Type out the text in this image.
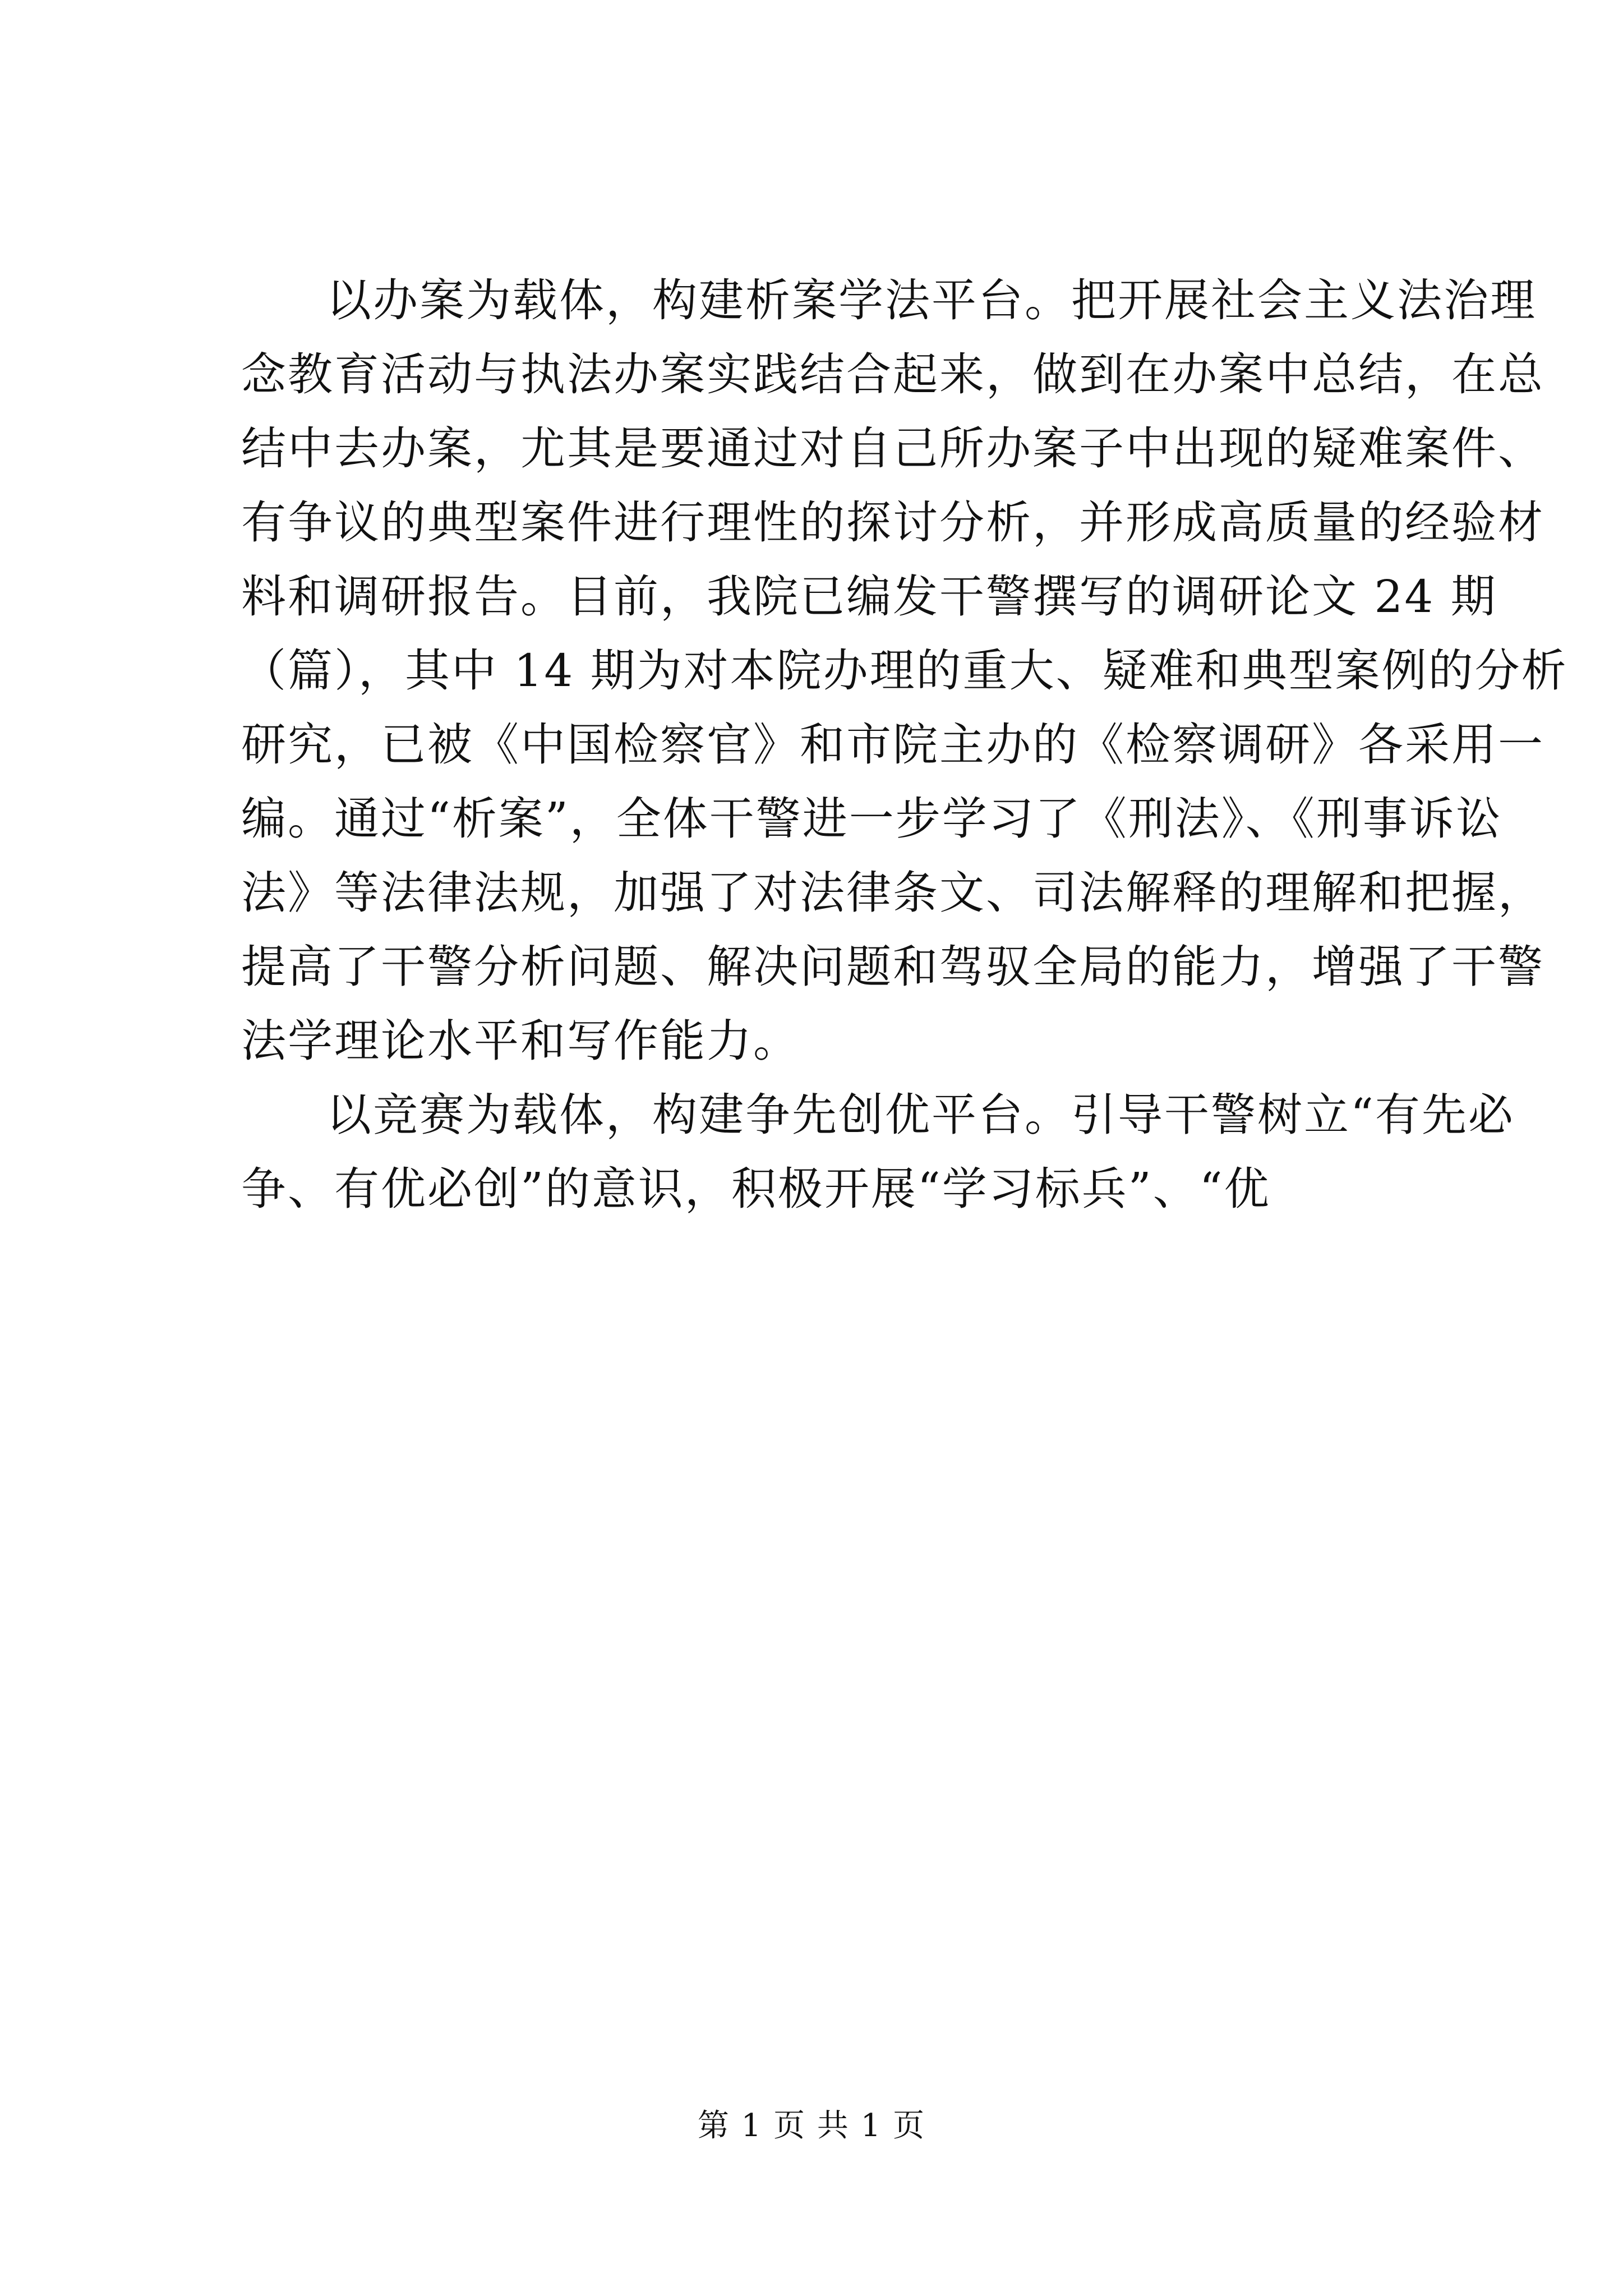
以办案为载体，构建析案学法平台。把开展社会主义法治理
念教育活动与执法办案实践结合起来，做到在办案中总结，在总
结中去办案，尤其是要通过对自己所办案子中出现的疑难案件、
有争议的典型案件进行理性的探讨分析，并形成高质量的经验材
料和调研报告。目前，我院已编发干警撰写的调研论文 24 期
（篇），其中 14 期为对本院办理的重大、疑难和典型案例的分析
研究，已被《中国检察官》和市院主办的《检察调研》各采用一
编。通过“析案”，全体干警进一步学习了《刑法》、《刑事诉讼
法》等法律法规，加强了对法律条文、司法解释的理解和把握，
提高了干警分析问题、解决问题和驾驭全局的能力，增强了干警
法学理论水平和写作能力。
以竞赛为载体，构建争先创优平台。引导干警树立“有先必
争、有优必创”的意识，积极开展“学习标兵”、“优
第 1 页 共 1 页
